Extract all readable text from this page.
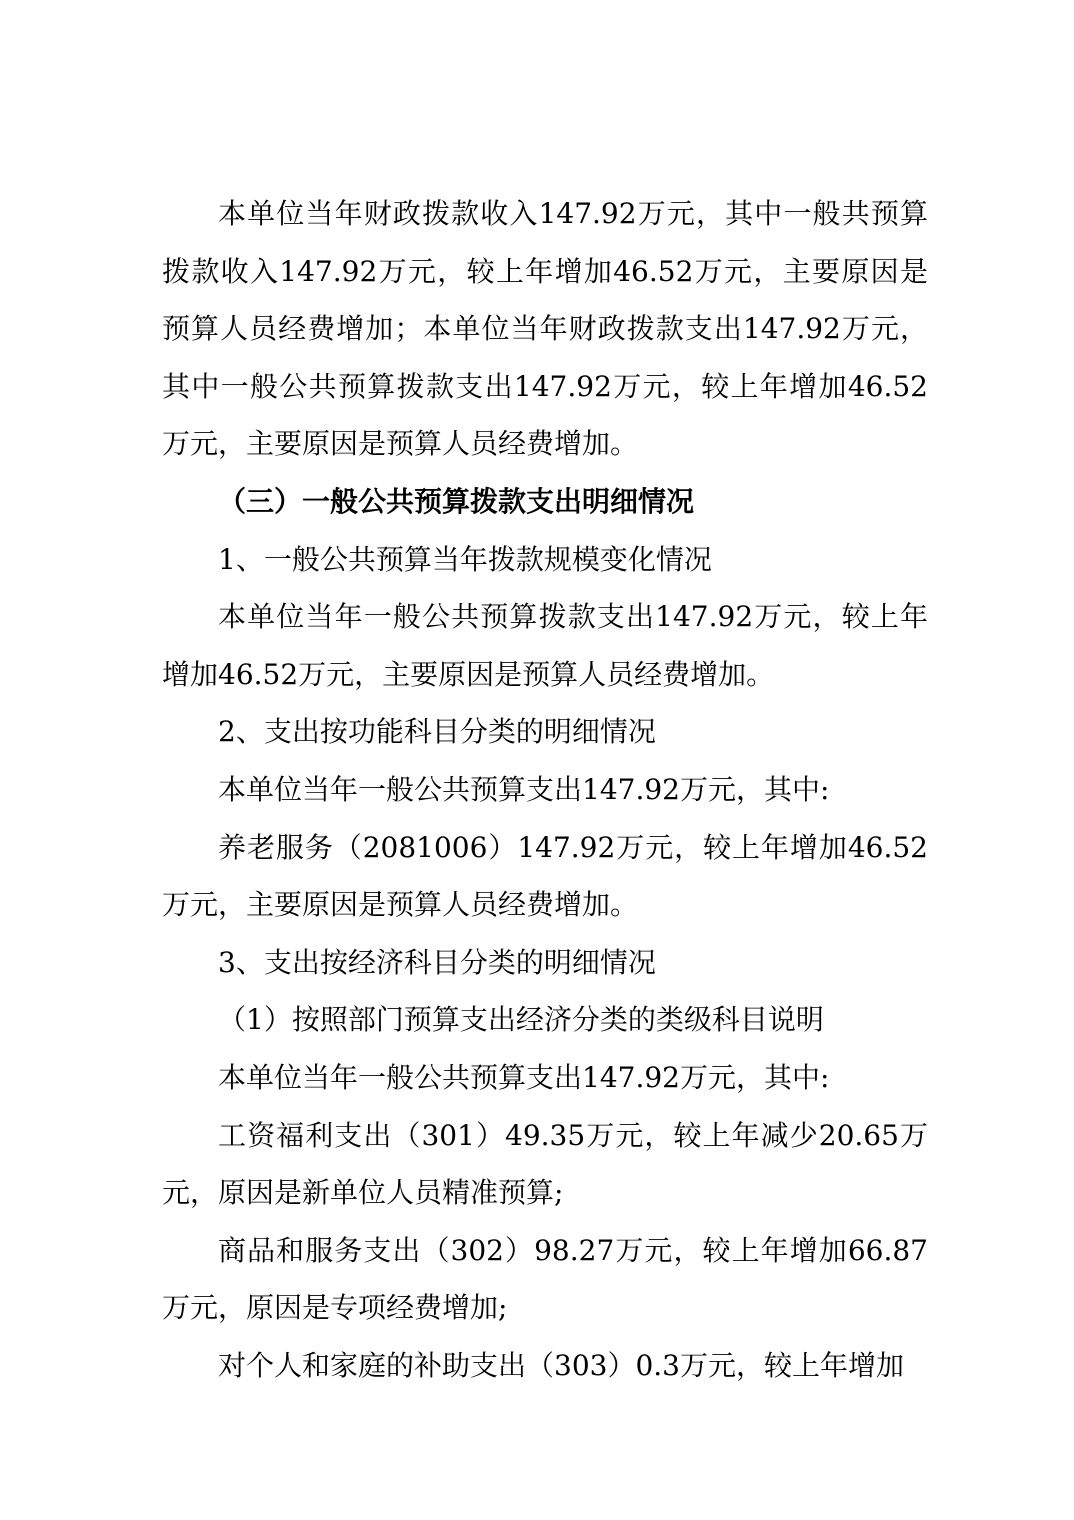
本单位当年财政拨款收入147.92万元，其中一般共预算拨款收入147.92万元，较上年增加46.52万元，主要原因是预算人员经费增加；本单位当年财政拨款支出147.92万元，其中一般公共预算拨款支出147.92万元，较上年增加46.52万元，主要原因是预算人员经费增加。

（三）一般公共预算拨款支出明细情况

1、一般公共预算当年拨款规模变化情况

本单位当年一般公共预算拨款支出147.92万元，较上年增加46.52万元，主要原因是预算人员经费增加。

2、支出按功能科目分类的明细情况

本单位当年一般公共预算支出147.92万元，其中:

养老服务（2081006）147.92万元，较上年增加46.52万元，主要原因是预算人员经费增加。

3、支出按经济科目分类的明细情况

（1）按照部门预算支出经济分类的类级科目说明

本单位当年一般公共预算支出147.92万元，其中:

工资福利支出（301）49.35万元，较上年减少20.65万元，原因是新单位人员精准预算;

商品和服务支出（302）98.27万元，较上年增加66.87万元，原因是专项经费增加;

对个人和家庭的补助支出（303）0.3万元，较上年增加
